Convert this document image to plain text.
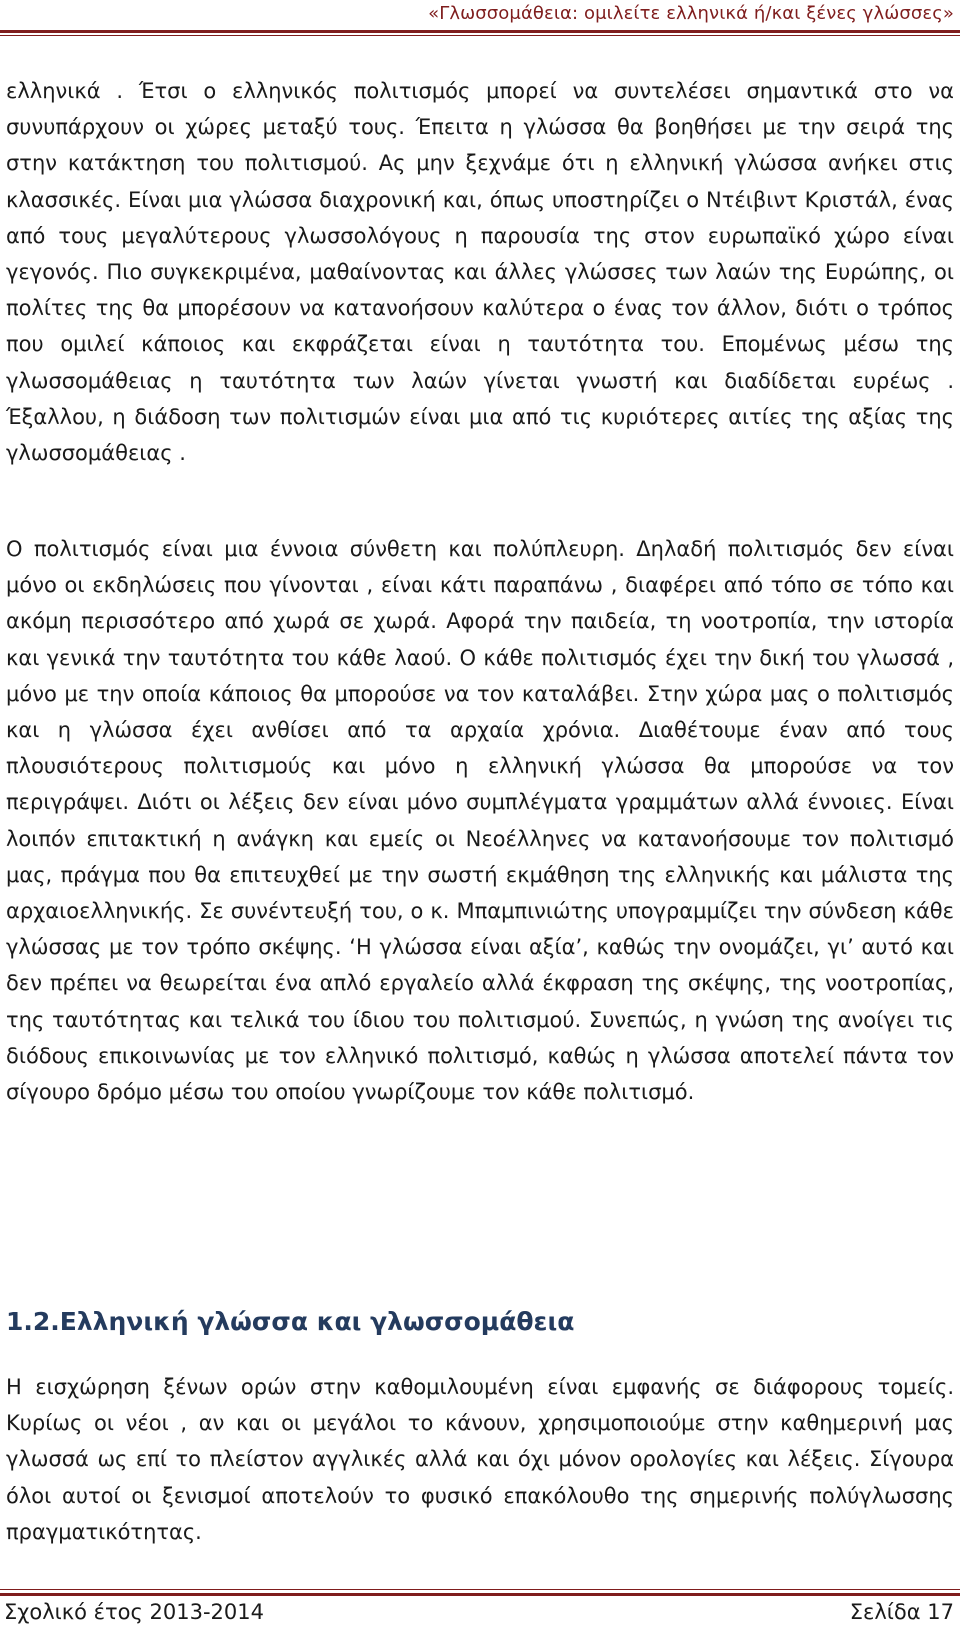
«Γλωσσομάθεια: ομιλείτε ελληνικά ή/και ξένες γλώσσες»

ελληνικά . Έτσι ο ελληνικός πολιτισμός μπορεί να συντελέσει σημαντικά στο να συνυπάρχουν οι χώρες μεταξύ τους. Έπειτα η γλώσσα θα βοηθήσει με την σειρά της στην κατάκτηση του πολιτισμού. Ας μην ξεχνάμε ότι η ελληνική γλώσσα ανήκει στις κλασσικές. Είναι μια γλώσσα διαχρονική και, όπως υποστηρίζει ο Ντέιβιντ Κριστάλ, ένας από τους μεγαλύτερους γλωσσολόγους η παρουσία της στον ευρωπαϊκό χώρο είναι γεγονός. Πιο συγκεκριμένα, μαθαίνοντας και άλλες γλώσσες των λαών της Ευρώπης, οι πολίτες της θα μπορέσουν να κατανοήσουν καλύτερα ο ένας τον άλλον, διότι ο τρόπος που ομιλεί κάποιος και εκφράζεται είναι η ταυτότητα του. Επομένως μέσω της γλωσσομάθειας η ταυτότητα των λαών γίνεται γνωστή και διαδίδεται ευρέως . Έξαλλου, η διάδοση των πολιτισμών είναι μια από τις κυριότερες αιτίες της αξίας της γλωσσομάθειας .

Ο πολιτισμός είναι μια έννοια σύνθετη και πολύπλευρη. Δηλαδή πολιτισμός δεν είναι μόνο οι εκδηλώσεις που γίνονται , είναι κάτι παραπάνω , διαφέρει από τόπο σε τόπο και ακόμη περισσότερο από χωρά σε χωρά. Αφορά την παιδεία, τη νοοτροπία, την ιστορία και γενικά την ταυτότητα του κάθε λαού. Ο κάθε πολιτισμός έχει την δική του γλωσσά , μόνο με την οποία κάποιος θα μπορούσε να τον καταλάβει. Στην χώρα μας ο πολιτισμός και η γλώσσα έχει ανθίσει από τα αρχαία χρόνια. Διαθέτουμε έναν από τους πλουσιότερους πολιτισμούς και μόνο η ελληνική γλώσσα θα μπορούσε να τον περιγράψει. Διότι οι λέξεις δεν είναι μόνο συμπλέγματα γραμμάτων αλλά έννοιες. Είναι λοιπόν επιτακτική η ανάγκη και εμείς οι Νεοέλληνες να κατανοήσουμε τον πολιτισμό μας, πράγμα που θα επιτευχθεί με την σωστή εκμάθηση της ελληνικής και μάλιστα της αρχαιοελληνικής. Σε συνέντευξή του, ο κ. Μπαμπινιώτης υπογραμμίζει την σύνδεση κάθε γλώσσας με τον τρόπο σκέψης. ‘Η γλώσσα είναι αξία’, καθώς την ονομάζει, γι’ αυτό και δεν πρέπει να θεωρείται ένα απλό εργαλείο αλλά έκφραση της σκέψης, της νοοτροπίας, της ταυτότητας και τελικά του ίδιου του πολιτισμού. Συνεπώς, η γνώση της ανοίγει τις διόδους επικοινωνίας με τον ελληνικό πολιτισμό, καθώς η γλώσσα αποτελεί πάντα τον σίγουρο δρόμο μέσω του οποίου γνωρίζουμε τον κάθε πολιτισμό.

1.2.Ελληνική γλώσσα και γλωσσομάθεια

Η εισχώρηση ξένων ορών στην καθομιλουμένη είναι εμφανής σε διάφορους τομείς. Κυρίως οι νέοι , αν και οι μεγάλοι το κάνουν, χρησιμοποιούμε στην καθημερινή μας γλωσσά ως επί το πλείστον αγγλικές αλλά και όχι μόνον ορολογίες και λέξεις. Σίγουρα όλοι αυτοί οι ξενισμοί αποτελούν το φυσικό επακόλουθο της σημερινής πολύγλωσσης πραγματικότητας.

Σχολικό έτος 2013-2014	Σελίδα 17
